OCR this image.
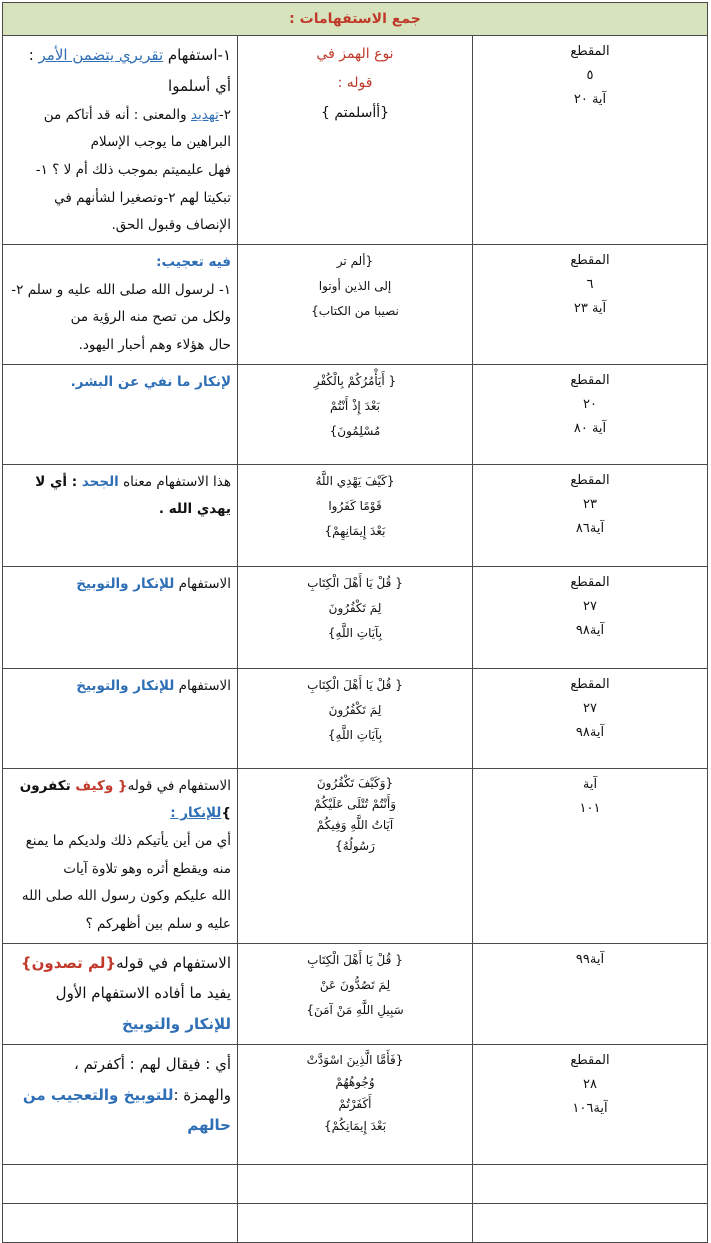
جمع الاستفهامات :		

المقطع
٥
آية ٢٠	نوع الهمز في
قوله :
{أأسلمتم }	١-استفهام تقريري يتضمن الأمر : أي أسلموا
٢-تهديد والمعنى : أنه قد أتاكم من البراهين ما يوجب الإسلام
فهل عليميتم بموجب ذلك أم لا ؟ ١-تبكيتا لهم ٢-وتصغيرا لشأنهم في
الإنصاف وقبول الحق.

المقطع
٦
آية ٢٣	{ألم تر
إلى الذين أوتوا
نصيبا من الكتاب}	فيه تعجيب:
١- لرسول الله صلى الله عليه و سلم ٢-ولكل من تصح منه الرؤية من
حال هؤلاء وهم أحبار اليهود.

المقطع
٢٠
آية ٨٠	{ أَيَأْمُرُكُمْ بِالْكُفْرِ
بَعْدَ إِذْ أَنْتُمْ
مُسْلِمُونَ}	لإنكار ما نفي عن البشر.

المقطع
٢٣
آية٨٦	{كَيْفَ يَهْدِي اللَّهُ
قَوْمًا كَفَرُوا
بَعْدَ إِيمَانِهِمْ}	هذا الاستفهام معناه الجحد : أي لا يهدي الله .

المقطع
٢٧
آية٩٨	{ قُلْ يَا أَهْلَ الْكِتَابِ
لِمَ تَكْفُرُونَ
بِآيَاتِ اللَّهِ}	الاستفهام للإنكار والتوبيخ

المقطع
٢٧
آية٩٨	{ قُلْ يَا أَهْلَ الْكِتَابِ
لِمَ تَكْفُرُونَ
بِآيَاتِ اللَّهِ}	الاستفهام للإنكار والتوبيخ

آية
١٠١	{وَكَيْفَ تَكْفُرُونَ
وَأَنْتُمْ تُتْلَى عَلَيْكُمْ
آيَاتُ اللَّهِ وَفِيكُمْ
رَسُولُهُ}	الاستفهام في قوله{ وكيف تكفرون }للإنكار :
أي من أين يأتيكم ذلك ولديكم ما يمنع منه ويقطع أثره وهو تلاوة آيات
الله عليكم وكون رسول الله صلى الله عليه و سلم بين أظهركم ؟

آية٩٩	{ قُلْ يَا أَهْلَ الْكِتَابِ
لِمَ تَصُدُّونَ عَنْ
سَبِيلِ اللَّهِ مَنْ آمَنَ}	الاستفهام في قوله{لم تصدون}يفيد ما أفاده الاستفهام الأول
للإنكار والتوبيخ

المقطع
٢٨
آية١٠٦	{فَأَمَّا الَّذِينَ اسْوَدَّتْ
وُجُوهُهُمْ
أَكَفَرْتُمْ
بَعْدَ إِيمَانِكُمْ}	أي : فيقال لهم : أكفرتم ،
والهمزة :للتوبيخ والتعجيب من حالهم
